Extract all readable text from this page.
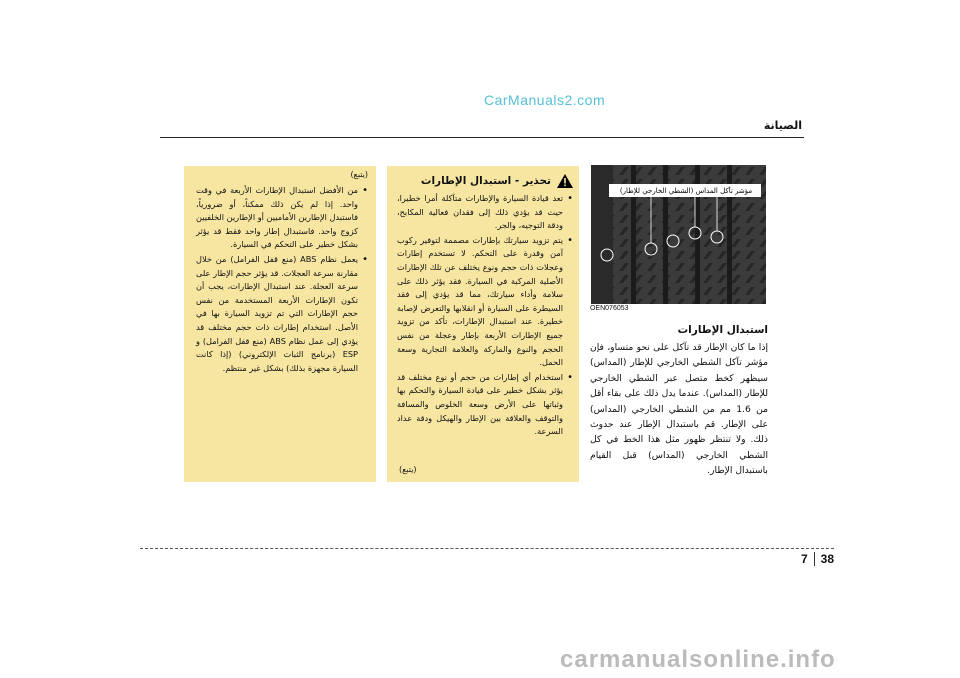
CarManuals2.com
الصيانة
مؤشر تآكل المداس (الشطي الخارجي للإطار)
OEN076053
استبدال الإطارات
إذا ما كان الإطار قد تآكل على نحو متساو، فإن مؤشر تآكل الشطي الخارجي للإطار (المداس) سيظهر كخط متصل عبر الشطي الخارجي للإطار (المداس). عندما يدل ذلك على بقاء أقل من 1.6 مم من الشطي الخارجي (المداس) على الإطار. قم باستبدال الإطار عند حدوث ذلك. ولا تنتظر ظهور مثل هذا الخط في كل الشطي الخارجي (المداس) قبل القيام باستبدال الإطار.
تحذير - استبدال الإطارات
• تعد قيادة السيارة والإطارات متآكلة أمرا خطيرا، حيث قد يؤدي ذلك إلى فقدان فعالية المكابح، ودقة التوجيه، والجر.
• يتم تزويد سيارتك بإطارات مصممة لتوفير ركوب آمن وقدرة على التحكم. لا تستخدم إطارات وعجلات ذات حجم ونوع يختلف عن تلك الإطارات الأصلية المركبة في السيارة. فقد يؤثر ذلك على سلامة وأداء سيارتك، مما قد يؤدي إلى فقد السيطرة على السيارة أو انقلابها والتعرض لإصابة خطيرة. عند استبدال الإطارات، تأكد من تزويد جميع الإطارات الأربعة بإطار وعجلة من نفس الحجم والنوع والماركة والعلامة التجارية وسعة الحمل.
• استخدام أي إطارات من حجم أو نوع مختلف قد يؤثر بشكل خطير على قيادة السيارة والتحكم بها وثباتها على الأرض وسعة الخلوص والمسافة والتوقف والعلاقة بين الإطار والهيكل ودقة عداد السرعة.
(يتبع)
(يتبع)
• من الأفضل استبدال الإطارات الأربعة في وقت واحد. إذا لم يكن ذلك ممكناً، أو ضرورياً، فاستبدل الإطارين الأماميين أو الإطارين الخلفيين كزوج واحد. فاستبدال إطار واحد فقط قد يؤثر بشكل خطير على التحكم في السيارة.
• يعمل نظام ABS (منع قفل الفرامل) من خلال مقارنة سرعة العجلات. قد يؤثر حجم الإطار على سرعة العجلة. عند استبدال الإطارات، يجب أن تكون الإطارات الأربعة المستخدمة من نفس حجم الإطارات التي تم تزويد السيارة بها في الأصل. استخدام إطارات ذات حجم مختلف قد يؤدي إلى عمل نظام ABS (منع قفل الفرامل) و ESP (برنامج الثبات الإلكتروني) (إذا كانت السيارة مجهزة بذلك) بشكل غير منتظم.
7 38
carmanualsonline.info
